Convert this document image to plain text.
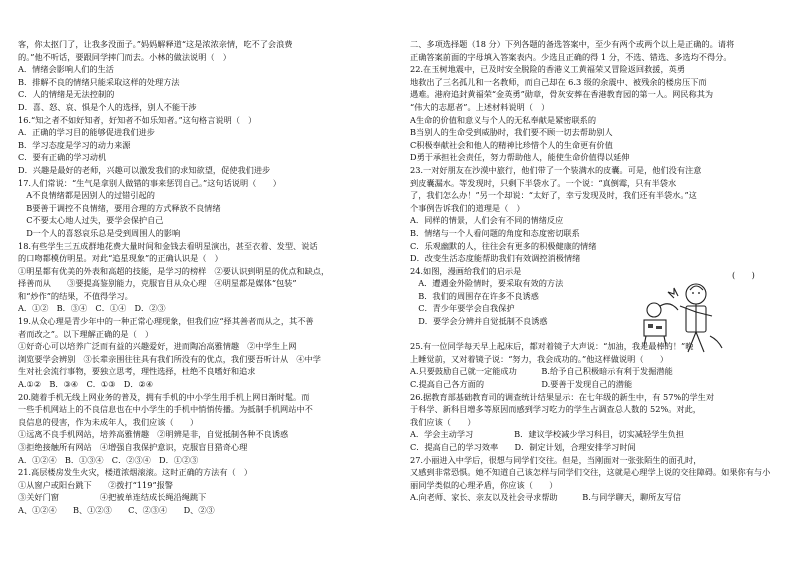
客，你太抠门了，让我多没面子。”妈妈解释道“这是浓浓亲情，吃不了会浪费
的。”他不听话，要跟同学摔门而去。小林的做法说明（　）
A．情绪会影响人们的生活
B．排解不良的情绪只能采取这样的处理方法
C．人的情绪是无法控制的
D．喜、怒、哀、惧是个人的选择，别人不能干涉
16.“知之者不如好知者，好知者不如乐知者。”这句格言说明（　）
A．正确的学习目的能够促进我们进步
B．学习态度是学习的动力来源
C．要有正确的学习动机
D．兴趣是最好的老师，兴趣可以激发我们的求知欲望，促使我们进步
17.人们常说：“生气是拿别人做错的事来惩罚自己。”这句话说明（　　）
　A不良情绪都是因别人的过错引起的
　B要善于调控不良情绪，要用合理的方式释放不良情绪
　C不要太心地人过失，要学会保护自己
　D一个人的喜怒哀乐总是受到周围人的影响
18.有些学生三五成群地花费大量时间和金钱去看明星演出，甚至衣着、发型、说话
的口吻都模仿明星。对此“追星现象”的正确认识是（　）
①明星都有优美的外表和高超的技能，是学习的榜样　②要认识到明星的优点和缺点，
择善而从　　③要提高鉴别能力，克服盲目从众心理　④明星都是媒体“包装”
和“炒作”的结果，不值得学习。
A．①②　B．③④　C．①④　D．②③
19.从众心理是青少年中的一种正常心理现象，但我们应“择其善者而从之，其不善
者而改之”。以下理解正确的是（　）
①好奇心可以培养广泛而有益的兴趣爱好，进而陶冶高雅情趣　②中学生上网
浏览要学会辨别　③长辈亲围往往具有我们所没有的优点，我们要吾听计从　④中学
生对社会流行事物，要独立思考，理性选择，杜绝不良嗜好和追求
A.①②　B．③④　C．①③　D．②④
20.随着手机无线上网业务的普及，拥有手机的中小学生用手机上网日渐时髦。而
一些手机网站上的不良信息也在中小学生的手机中悄悄传播。为抵制手机网站中不
良信息的侵害，作为未成年人，我们应该（　　）
①远离不良手机网站，培养高雅情趣　②明辨是非，自觉抵制各种不良诱惑
③拒绝接触所有网站　④增强自我保护意识，克服盲目猎奇心理
A．①②④　B．①③④　C．②③④　D．①②③
21.高层楼房发生火灾，楼道浓烟滚滚。这时正确的方法有（　）
①从窗户或阳台跳下　　②拨打“119”报警
③关好门窗　　　　　④把被单连结成长绳沿绳跳下
A、①②④　　B、①②③　　C、②③④　　D、②③
二、多项选择题（18 分）下列各题的备选答案中，至少有两个或两个以上是正确的。请将
正确答案前面的字母填入答案表内。少选且正确的得 1 分，不选、错选、多选均不得分。
22.在玉树地震中，已及时安全脱险的香港义工黄福荣又冒险返回救援，英勇
地救出了三名孤儿和一名教师，而自己却在 6.3 级的余震中、被残余的楼房压下而
遇难。港府追封黄福荣“金英勇”勋章，骨灰安葬在香港教育园的第一人。网民称其为
“伟大的志愿者”。上述材料说明（　）
A生命的价值和意义与个人的无私奉献是紧密联系的
B当别人的生命受到威胁时，我们要不顾一切去帮助别人
C积极奉献社会和他人的精神比珍惜个人的生命更有价值
D勇于承担社会责任，努力帮助他人，能使生命价值得以延伸
23.一对好朋友在沙漠中旅行，他们带了一个装满水的皮囊。可是，他们没有注意
到皮囊漏水。等发现时，只剩下半袋水了。一个说：“真倒霉，只有半袋水
了，我们怎么办！”另一个却说：“太好了，幸亏发现及时，我们还有半袋水。”这
个事例告诉我们的道理是（　）
A．同样的情景，人们会有不同的情绪反应
B．情绪与一个人看问题的角度和态度密切联系
C．乐观幽默的人，往往会有更多的积极健康的情绪
D．改变生活态度能帮助我们有效调控消极情绪
24.如图，漫画给我们的启示是
　A．遭遇金外险情时，要采取有效的方法
　B．我们的周围存在许多不良诱惑
　C．青少年要学会自我保护
　D．要学会分辨并自觉抵制不良诱惑
25.有一位同学每天早上起床后，都对着镜子大声说：“加油，我是最棒的！”晚
上睡觉前，又对着镜子说：“努力，我会成功的。”他这样做说明（　　）
A.只要鼓励自己就一定能成功　　　B.给予自己积极暗示有利于发掘潜能
C.提高自己各方面的　　　　　　　D.要善于发现自己的潜能
26.据教育部基础教育司的调查统计结果显示：在七年级的新生中，有 57%的学生对
于科学、新科目增多等原因而感到学习吃力的学生占调查总人数的 52%。对此，
我们应该（　　）
A．学会主动学习　　　　　B．建议学校减少学习科目，切实减轻学生负担
C．提高自己的学习效率　　D．制定计划，合理安排学习时间
27.小丽进入中学后，很想与同学们交往。但是，当刚面对一张张陌生的面孔时，
又感到非常恐惧。她不知道自己该怎样与同学们交往，这就是心理学上说的交往障碍。如果你有与小
丽同学类似的心理矛盾，你应该（　　）
A.向老师、家长、亲友以及社会寻求帮助　　　B.与同学聊天，聊所友写信
(　　)
